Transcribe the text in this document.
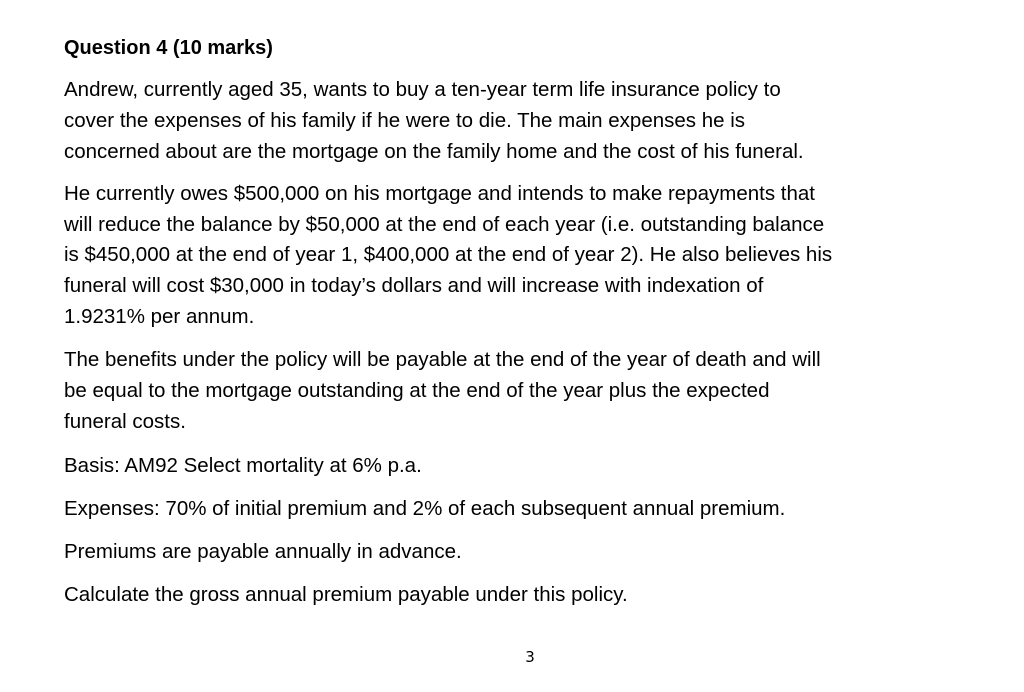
Question 4 (10 marks)
Andrew, currently aged 35, wants to buy a ten-year term life insurance policy to
cover the expenses of his family if he were to die. The main expenses he is
concerned about are the mortgage on the family home and the cost of his funeral.
He currently owes $500,000 on his mortgage and intends to make repayments that
will reduce the balance by $50,000 at the end of each year (i.e. outstanding balance
is $450,000 at the end of year 1, $400,000 at the end of year 2). He also believes his
funeral will cost $30,000 in today’s dollars and will increase with indexation of
1.9231% per annum.
The benefits under the policy will be payable at the end of the year of death and will
be equal to the mortgage outstanding at the end of the year plus the expected
funeral costs.
Basis: AM92 Select mortality at 6% p.a.
Expenses: 70% of initial premium and 2% of each subsequent annual premium.
Premiums are payable annually in advance.
Calculate the gross annual premium payable under this policy.
3
